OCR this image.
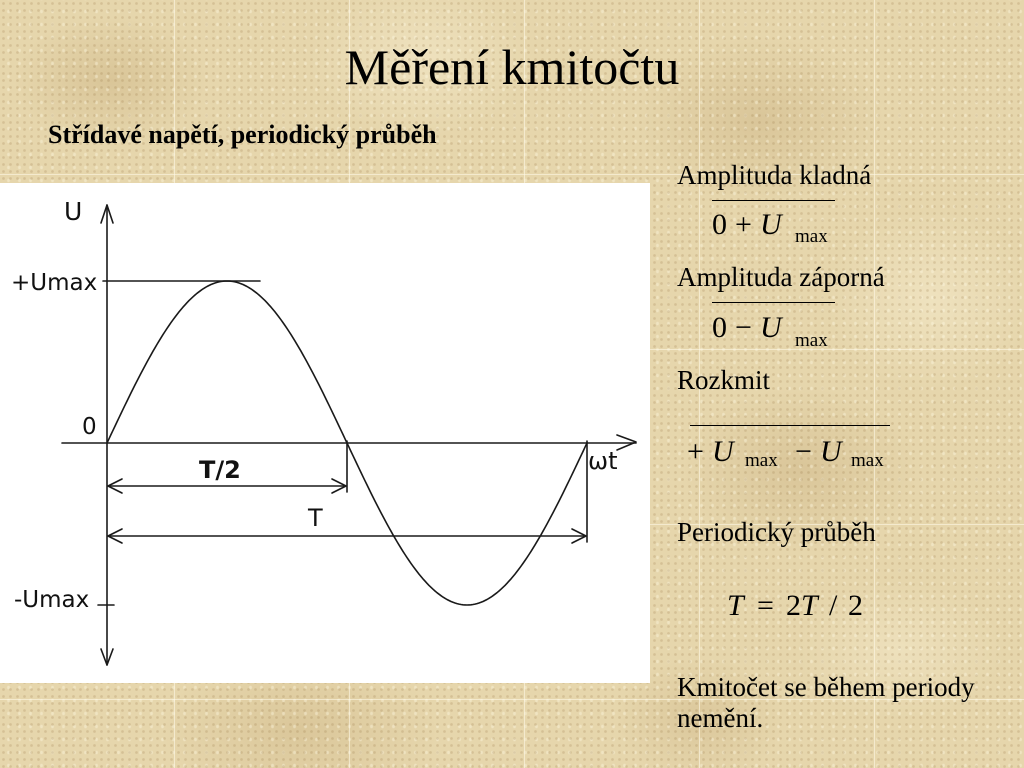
Měření kmitočtu
Střídavé napětí, periodický průběh
U
+Umax
0
-Umax
ωt
T/2
T
Amplituda kladná
0 + U max
Amplituda záporná
0 − U max
Rozkmit
+ U max − U max
Periodický průběh
T = 2 T / 2
Kmitočet se během periody
nemění.
